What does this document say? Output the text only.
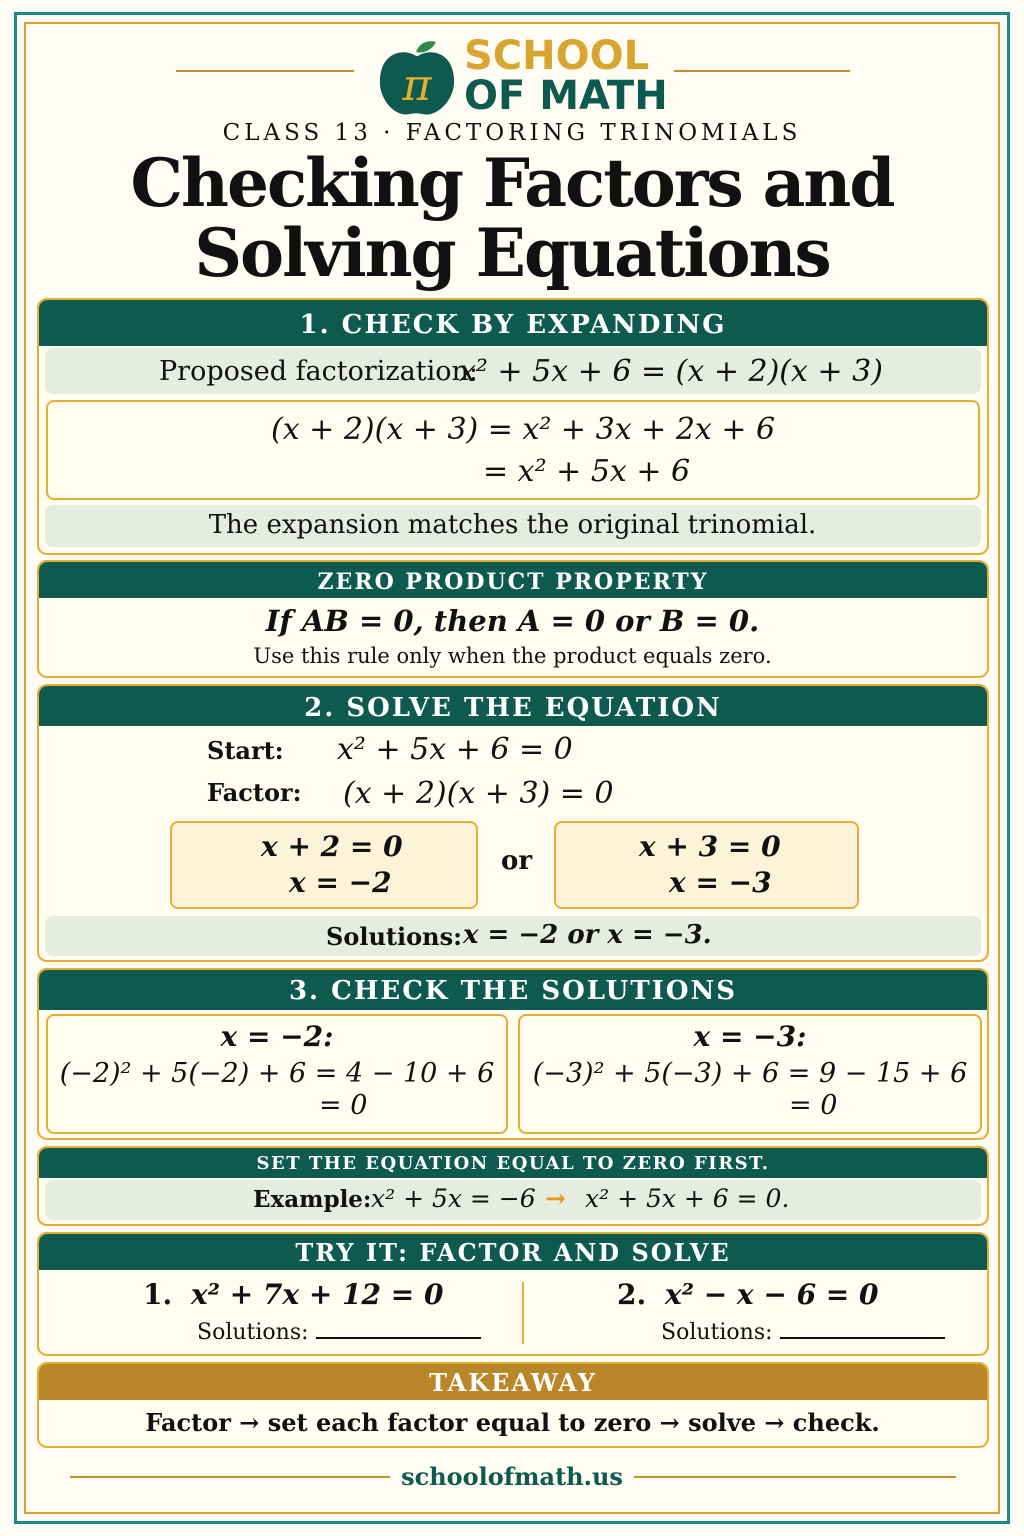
π
SCHOOL
OF MATH
CLASS 13 · FACTORING TRINOMIALS
Checking Factors and
Solving Equations
1. CHECK BY EXPANDING
Proposed factorization:
x² + 5x + 6 = (x + 2)(x + 3)
(x + 2)(x + 3) = x² + 3x + 2x + 6
= x² + 5x + 6
The expansion matches the original trinomial.
ZERO PRODUCT PROPERTY
If AB = 0, then A = 0 or B = 0.
Use this rule only when the product equals zero.
2. SOLVE THE EQUATION
Start: x² + 5x + 6 = 0
Factor: (x + 2)(x + 3) = 0
x + 2 = 0
x = −2
or	x + 3 = 0
x = −3
Solutions: x = −2 or x = −3.
3. CHECK THE SOLUTIONS
x = −2:
(−2)² + 5(−2) + 6 = 4 − 10 + 6
= 0
x = −3:
(−3)² + 5(−3) + 6 = 9 − 15 + 6
= 0
SET THE EQUATION EQUAL TO ZERO FIRST.
Example: x² + 5x = −6 → x² + 5x + 6 = 0.
TRY IT: FACTOR AND SOLVE
1. x² + 7x + 12 = 0
Solutions:
2. x² − x − 6 = 0
Solutions:
TAKEAWAY
Factor → set each factor equal to zero → solve → check.
schoolofmath.us
